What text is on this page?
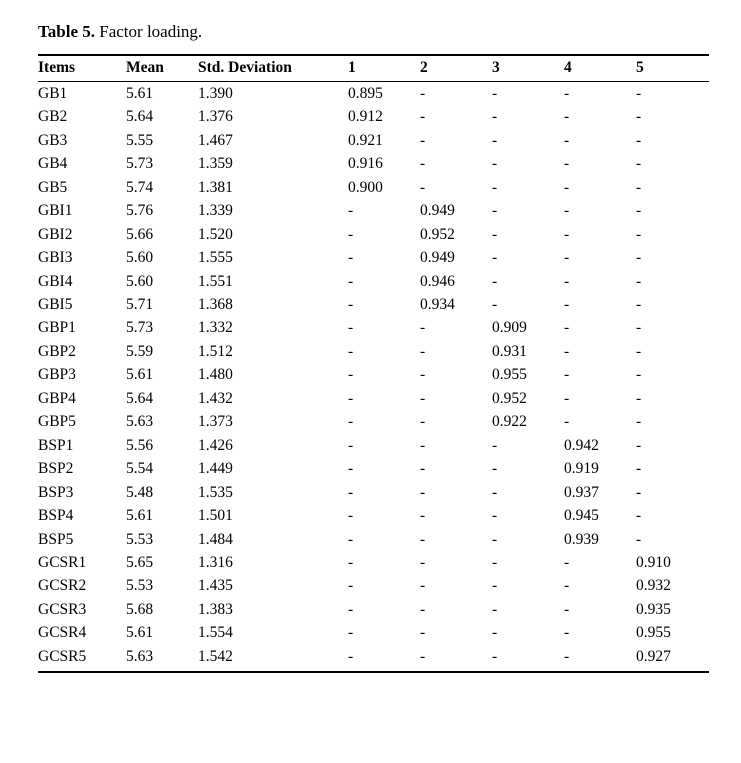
Table 5. Factor loading.
Items	Mean	Std. Deviation	1	2	3	4	5
GB1	5.61	1.390	0.895	-	-	-	-
GB2	5.64	1.376	0.912	-	-	-	-
GB3	5.55	1.467	0.921	-	-	-	-
GB4	5.73	1.359	0.916	-	-	-	-
GB5	5.74	1.381	0.900	-	-	-	-
GBI1	5.76	1.339	-	0.949	-	-	-
GBI2	5.66	1.520	-	0.952	-	-	-
GBI3	5.60	1.555	-	0.949	-	-	-
GBI4	5.60	1.551	-	0.946	-	-	-
GBI5	5.71	1.368	-	0.934	-	-	-
GBP1	5.73	1.332	-	-	0.909	-	-
GBP2	5.59	1.512	-	-	0.931	-	-
GBP3	5.61	1.480	-	-	0.955	-	-
GBP4	5.64	1.432	-	-	0.952	-	-
GBP5	5.63	1.373	-	-	0.922	-	-
BSP1	5.56	1.426	-	-	-	0.942	-
BSP2	5.54	1.449	-	-	-	0.919	-
BSP3	5.48	1.535	-	-	-	0.937	-
BSP4	5.61	1.501	-	-	-	0.945	-
BSP5	5.53	1.484	-	-	-	0.939	-
GCSR1	5.65	1.316	-	-	-	-	0.910
GCSR2	5.53	1.435	-	-	-	-	0.932
GCSR3	5.68	1.383	-	-	-	-	0.935
GCSR4	5.61	1.554	-	-	-	-	0.955
GCSR5	5.63	1.542	-	-	-	-	0.927
